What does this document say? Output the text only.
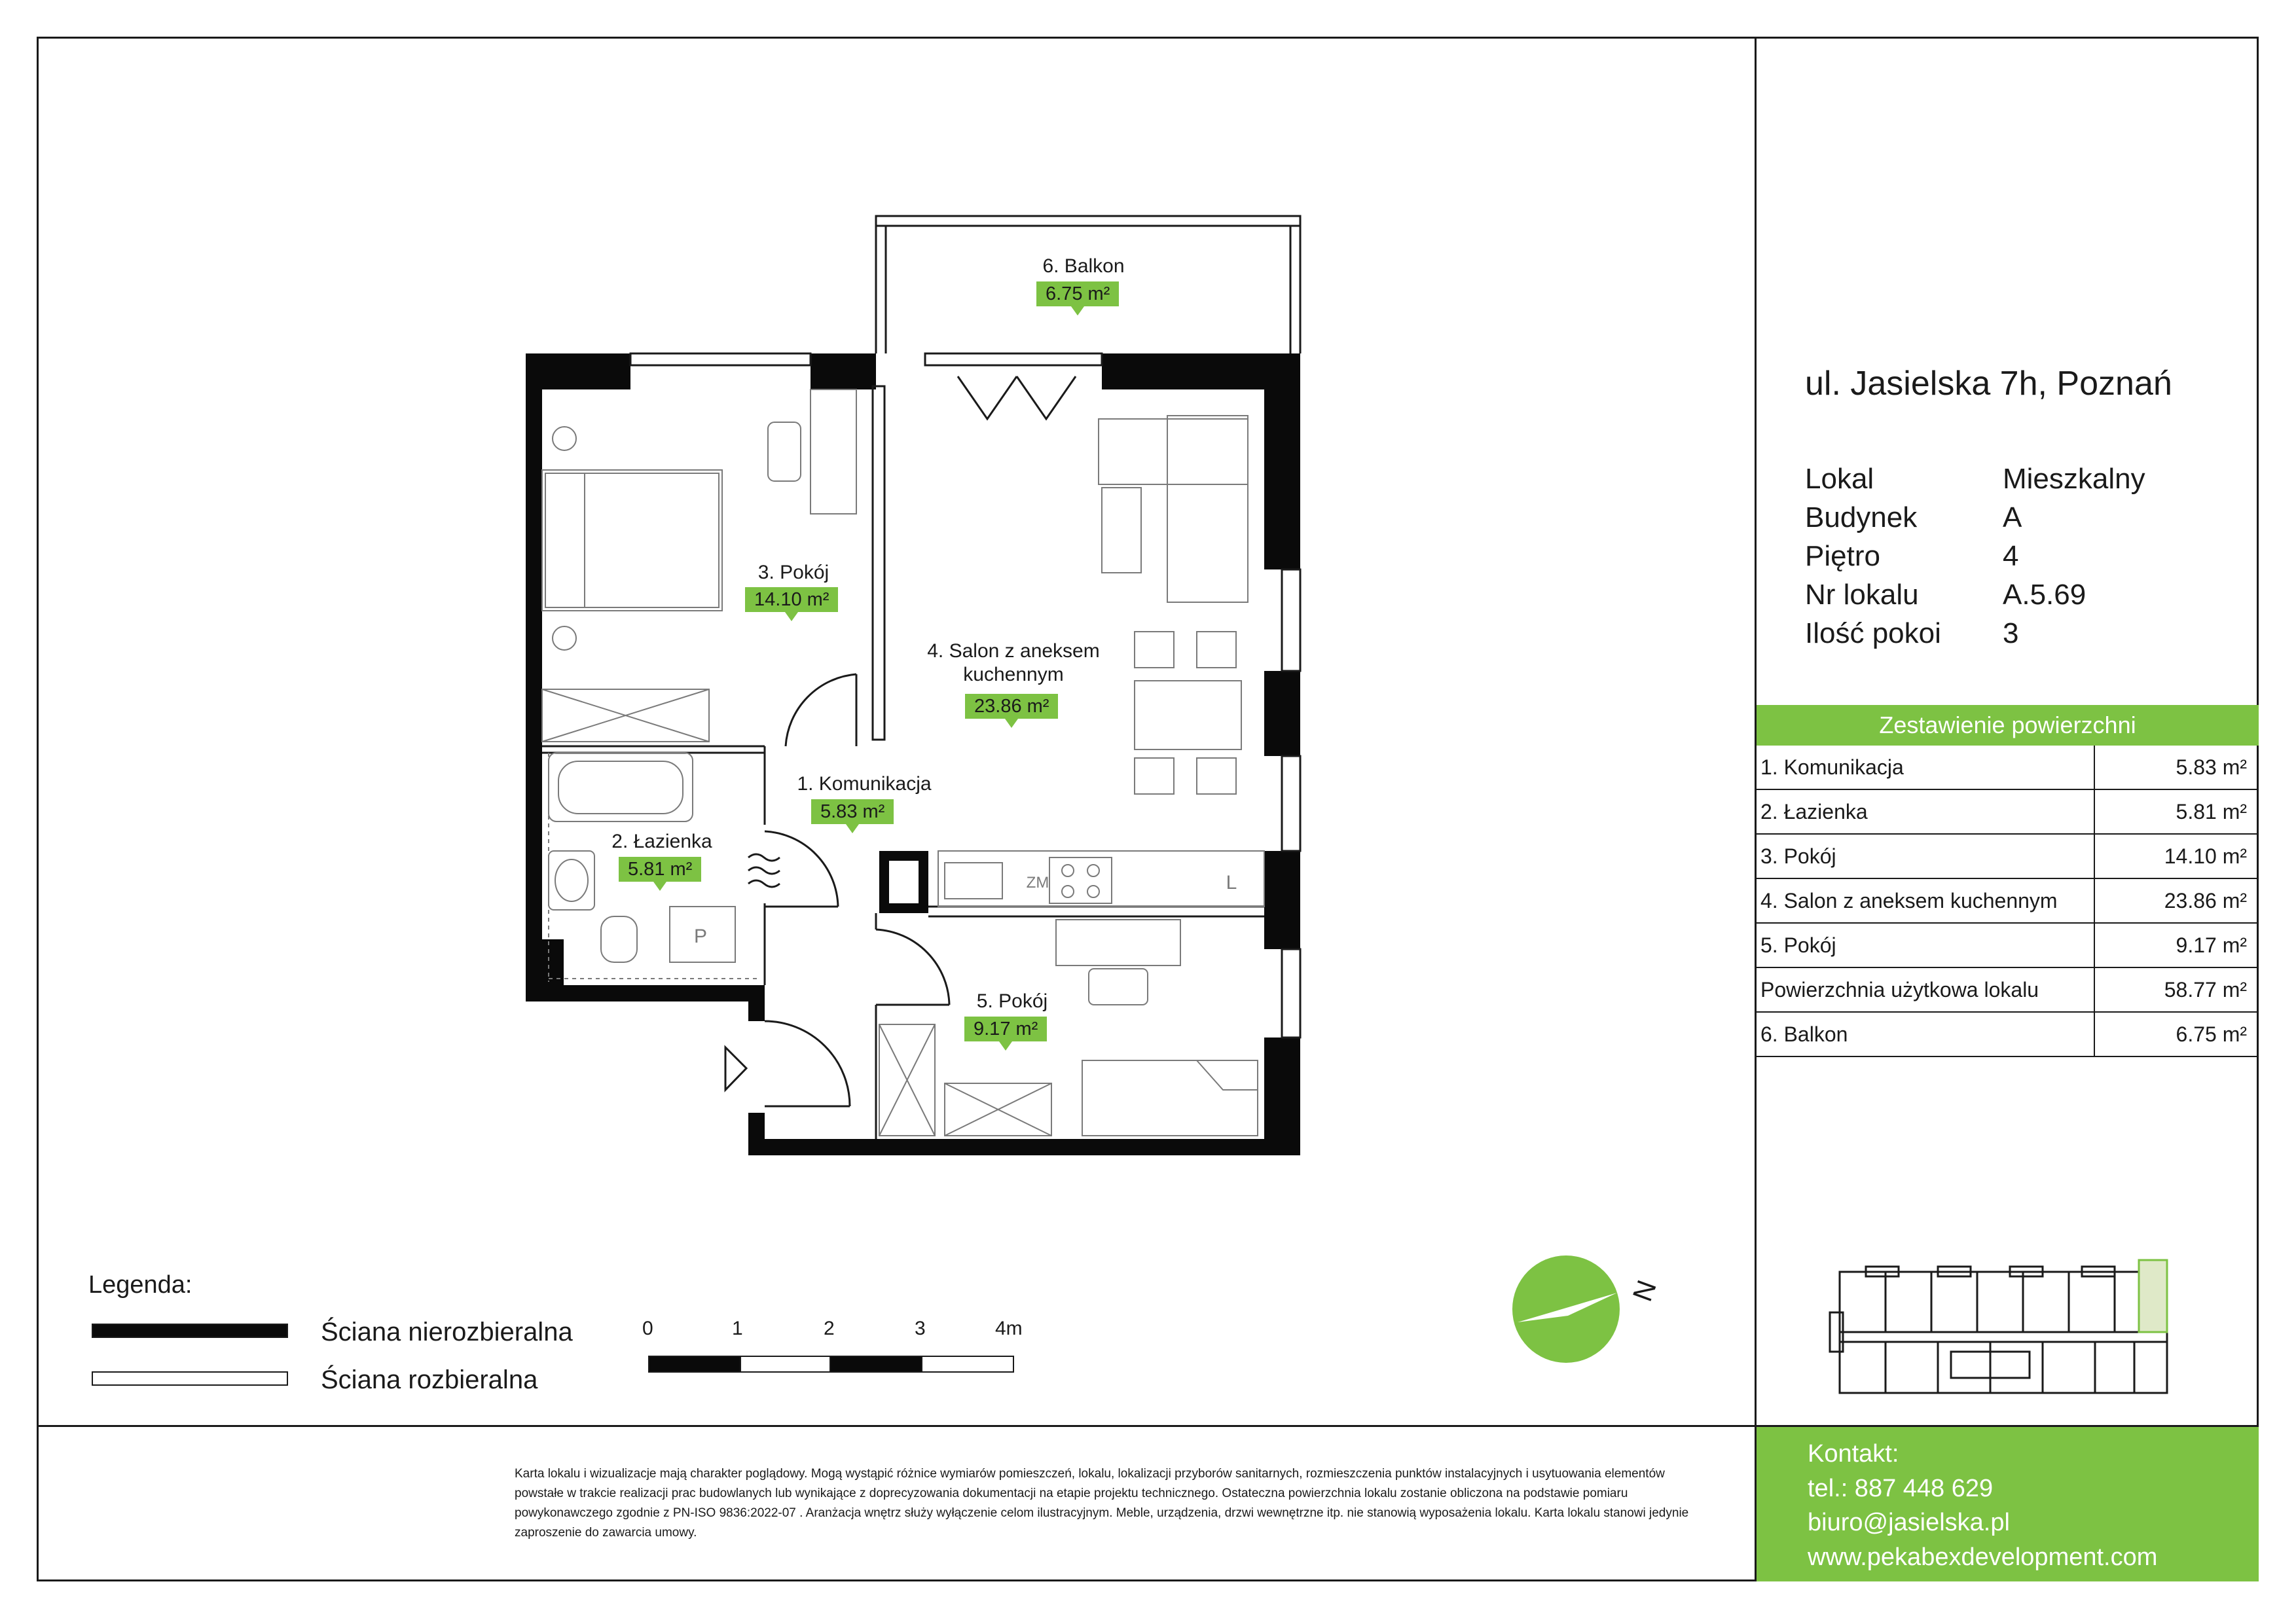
6. Balkon
6.75 m²
3. Pokój
14.10 m²
4. Salon z aneksem kuchennym
23.86 m²
1. Komunikacja
5.83 m²
2. Łazienka
5.81 m²
5. Pokój
9.17 m²
ZM	L
P
ul. Jasielska 7h, Poznań
Lokal	Mieszkalny
Budynek	A
Piętro	4
Nr lokalu	A.5.69
Ilość pokoi	3
Zestawienie powierzchni
1. Komunikacja	5.83 m²
2. Łazienka	5.81 m²
3. Pokój	14.10 m²
4. Salon z aneksem kuchennym	23.86 m²
5. Pokój	9.17 m²
Powierzchnia użytkowa lokalu	58.77 m²
6. Balkon	6.75 m²
Legenda:
Ściana nierozbieralna
Ściana rozbieralna
0	1	2	3	4m
N
Karta lokalu i wizualizacje mają charakter poglądowy. Mogą wystąpić różnice wymiarów pomieszczeń, lokalu, lokalizacji przyborów sanitarnych, rozmieszczenia punktów instalacyjnych i usytuowania elementów powstałe w trakcie realizacji prac budowlanych lub wynikające z doprecyzowania dokumentacji na etapie projektu technicznego. Ostateczna powierzchnia lokalu zostanie obliczona na podstawie pomiaru powykonawczego zgodnie z PN-ISO 9836:2022-07 . Aranżacja wnętrz służy wyłączenie celom ilustracyjnym. Meble, urządzenia, drzwi wewnętrzne itp. nie stanowią wyposażenia lokalu. Karta lokalu stanowi jedynie zaproszenie do zawarcia umowy.
Kontakt:
tel.: 887 448 629
biuro@jasielska.pl
www.pekabexdevelopment.com
